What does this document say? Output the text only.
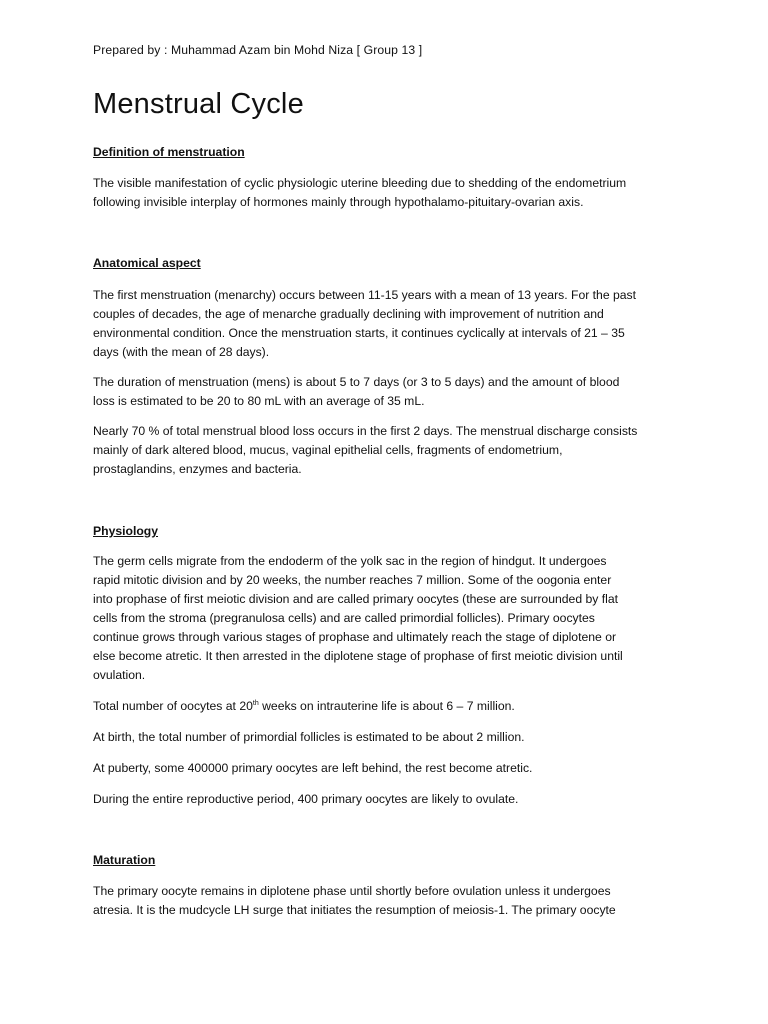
Prepared by : Muhammad Azam bin Mohd Niza [ Group 13 ]
Menstrual Cycle
Definition of menstruation

The visible manifestation of cyclic physiologic uterine bleeding due to shedding of the endometrium
following invisible interplay of hormones mainly through hypothalamo-pituitary-ovarian axis.

Anatomical aspect

The first menstruation (menarchy) occurs between 11-15 years with a mean of 13 years. For the past
couples of decades, the age of menarche gradually declining with improvement of nutrition and
environmental condition. Once the menstruation starts, it continues cyclically at intervals of 21 – 35
days (with the mean of 28 days).

The duration of menstruation (mens) is about 5 to 7 days (or 3 to 5 days) and the amount of blood
loss is estimated to be 20 to 80 mL with an average of 35 mL.

Nearly 70 % of total menstrual blood loss occurs in the first 2 days. The menstrual discharge consists
mainly of dark altered blood, mucus, vaginal epithelial cells, fragments of endometrium,
prostaglandins, enzymes and bacteria.

Physiology

The germ cells migrate from the endoderm of the yolk sac in the region of hindgut. It undergoes
rapid mitotic division and by 20 weeks, the number reaches 7 million. Some of the oogonia enter
into prophase of first meiotic division and are called primary oocytes (these are surrounded by flat
cells from the stroma (pregranulosa cells) and are called primordial follicles). Primary oocytes
continue grows through various stages of prophase and ultimately reach the stage of diplotene or
else become atretic. It then arrested in the diplotene stage of prophase of first meiotic division until
ovulation.

Total number of oocytes at 20th weeks on intrauterine life is about 6 – 7 million.

At birth, the total number of primordial follicles is estimated to be about 2 million.

At puberty, some 400000 primary oocytes are left behind, the rest become atretic.

During the entire reproductive period, 400 primary oocytes are likely to ovulate.

Maturation

The primary oocyte remains in diplotene phase until shortly before ovulation unless it undergoes
atresia. It is the mudcycle LH surge that initiates the resumption of meiosis-1. The primary oocyte
